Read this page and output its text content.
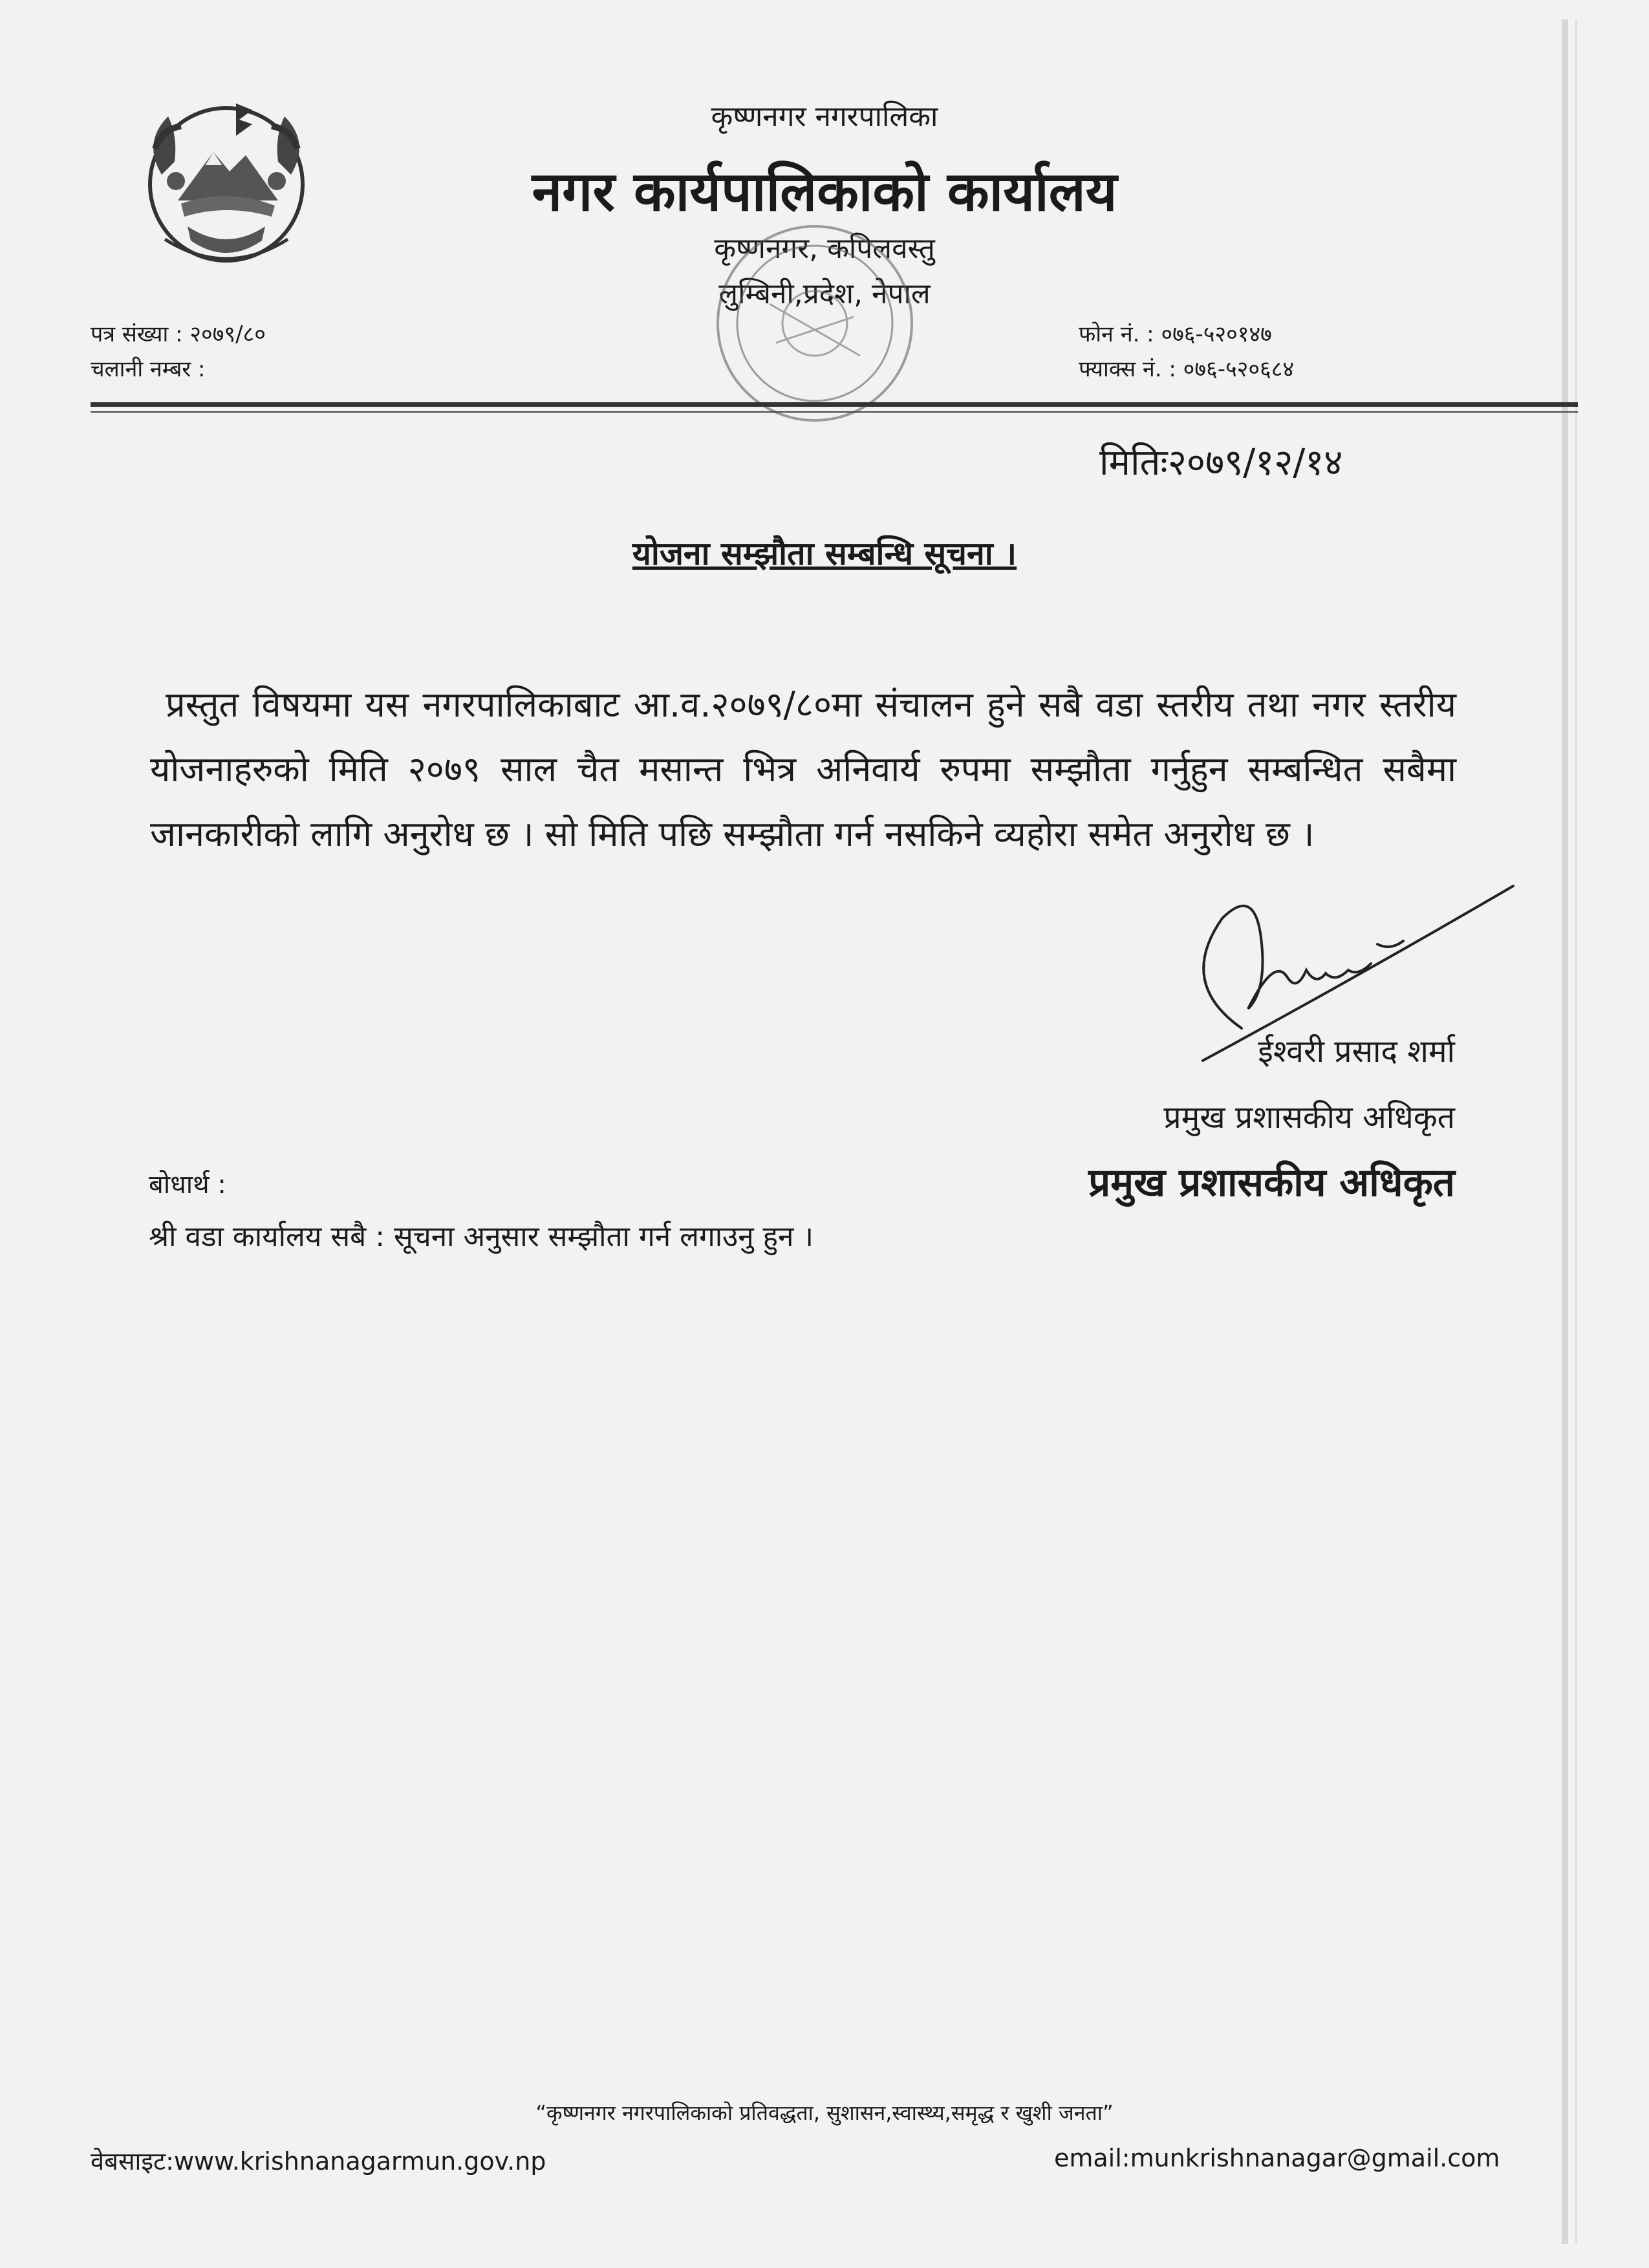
कृष्णनगर नगरपालिका
नगर कार्यपालिकाको कार्यालय
कृष्णनगर, कपिलवस्तु
लुम्बिनी,प्रदेश, नेपाल
पत्र संख्या : २०७९/८०
चलानी नम्बर :
फोन नं. : ०७६-५२०१४७
फ्याक्स नं. : ०७६-५२०६८४
मितिः२०७९/१२/१४
योजना सम्झौता सम्बन्धि सूचना ।
प्रस्तुत विषयमा यस नगरपालिकाबाट आ.व.२०७९/८०मा संचालन हुने सबै वडा स्तरीय तथा नगर स्तरीय योजनाहरुको मिति २०७९ साल चैत मसान्त भित्र अनिवार्य रुपमा सम्झौता गर्नुहुन सम्बन्धित सबैमा जानकारीको लागि अनुरोध छ । सो मिति पछि सम्झौता गर्न नसकिने व्यहोरा समेत अनुरोध छ ।
ईश्वरी प्रसाद शर्मा
प्रमुख प्रशासकीय अधिकृत
प्रमुख प्रशासकीय अधिकृत
बोधार्थ :
श्री वडा कार्यालय सबै : सूचना अनुसार सम्झौता गर्न लगाउनु हुन ।
“कृष्णनगर नगरपालिकाको प्रतिवद्धता, सुशासन,स्वास्थ्य,समृद्ध र खुशी जनता”
वेबसाइट:www.krishnanagarmun.gov.np	email:munkrishnanagar@gmail.com
